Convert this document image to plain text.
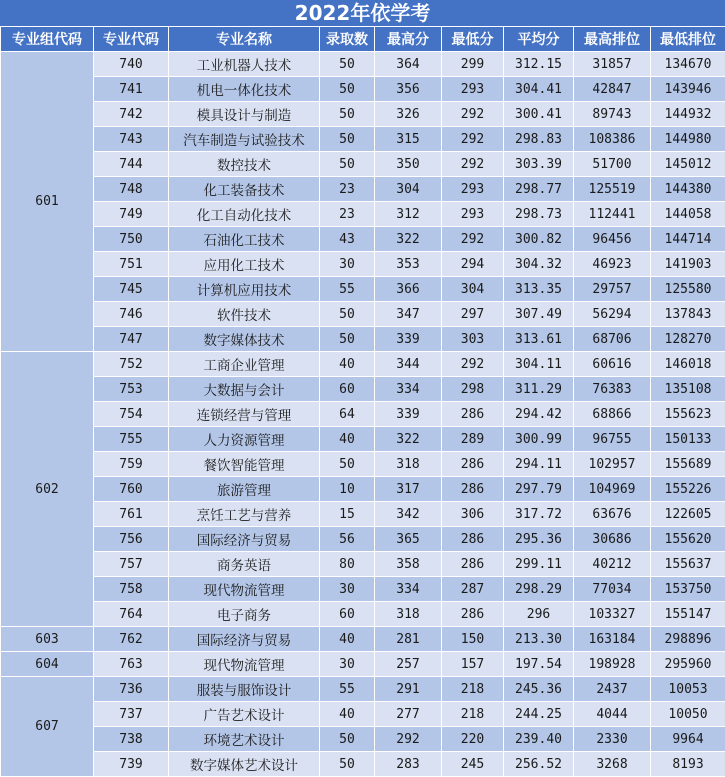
2022年依学考
专业组代码	专业代码	专业名称	录取数	最高分	最低分	平均分	最高排位	最低排位
601	740	工业机器人技术	50	364	299	312.15	31857	134670
	741	机电一体化技术	50	356	293	304.41	42847	143946
	742	模具设计与制造	50	326	292	300.41	89743	144932
	743	汽车制造与试验技术	50	315	292	298.83	108386	144980
	744	数控技术	50	350	292	303.39	51700	145012
	748	化工装备技术	23	304	293	298.77	125519	144380
	749	化工自动化技术	23	312	293	298.73	112441	144058
	750	石油化工技术	43	322	292	300.82	96456	144714
	751	应用化工技术	30	353	294	304.32	46923	141903
	745	计算机应用技术	55	366	304	313.35	29757	125580
	746	软件技术	50	347	297	307.49	56294	137843
	747	数字媒体技术	50	339	303	313.61	68706	128270
602	752	工商企业管理	40	344	292	304.11	60616	146018
	753	大数据与会计	60	334	298	311.29	76383	135108
	754	连锁经营与管理	64	339	286	294.42	68866	155623
	755	人力资源管理	40	322	289	300.99	96755	150133
	759	餐饮智能管理	50	318	286	294.11	102957	155689
	760	旅游管理	10	317	286	297.79	104969	155226
	761	烹饪工艺与营养	15	342	306	317.72	63676	122605
	756	国际经济与贸易	56	365	286	295.36	30686	155620
	757	商务英语	80	358	286	299.11	40212	155637
	758	现代物流管理	30	334	287	298.29	77034	153750
	764	电子商务	60	318	286	296	103327	155147
603	762	国际经济与贸易	40	281	150	213.30	163184	298896
604	763	现代物流管理	30	257	157	197.54	198928	295960
607	736	服装与服饰设计	55	291	218	245.36	2437	10053
	737	广告艺术设计	40	277	218	244.25	4044	10050
	738	环境艺术设计	50	292	220	239.40	2330	9964
	739	数字媒体艺术设计	50	283	245	256.52	3268	8193
